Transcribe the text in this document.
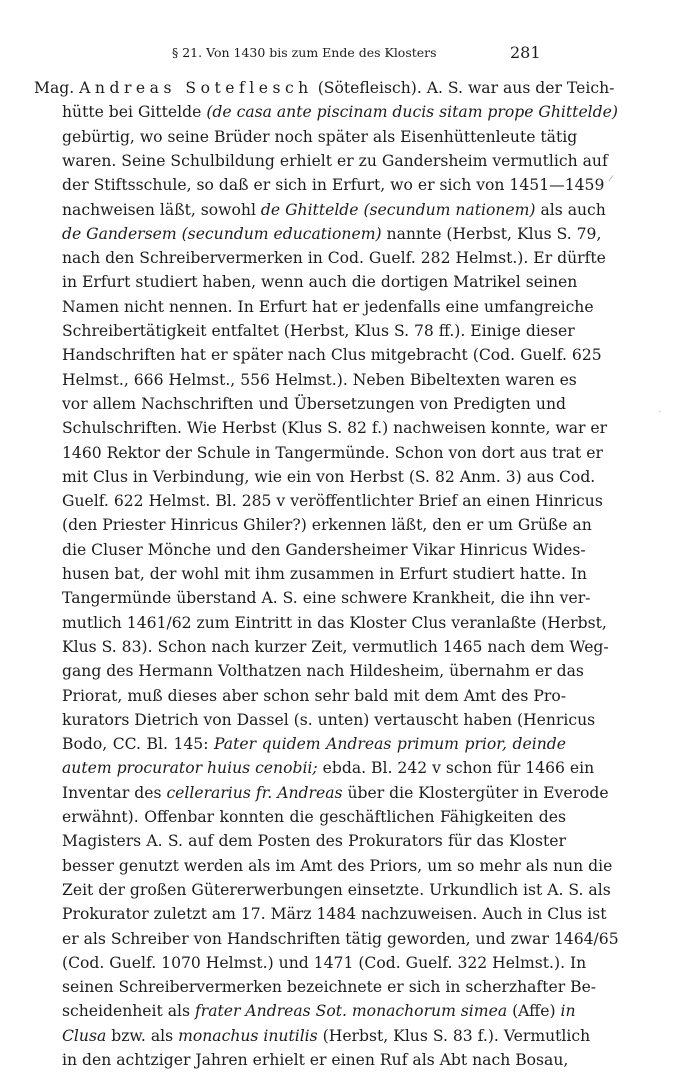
§ 21. Von 1430 bis zum Ende des Klosters	281
Mag. Andreas Soteflesch (Sötefleisch). A. S. war aus der Teich-
hütte bei Gittelde (de casa ante piscinam ducis sitam prope Ghittelde)
gebürtig, wo seine Brüder noch später als Eisenhüttenleute tätig
waren. Seine Schulbildung erhielt er zu Gandersheim vermutlich auf
der Stiftsschule, so daß er sich in Erfurt, wo er sich von 1451—1459
nachweisen läßt, sowohl de Ghittelde (secundum nationem) als auch
de Gandersem (secundum educationem) nannte (Herbst, Klus S. 79,
nach den Schreibervermerken in Cod. Guelf. 282 Helmst.). Er dürfte
in Erfurt studiert haben, wenn auch die dortigen Matrikel seinen
Namen nicht nennen. In Erfurt hat er jedenfalls eine umfangreiche
Schreibertätigkeit entfaltet (Herbst, Klus S. 78 ff.). Einige dieser
Handschriften hat er später nach Clus mitgebracht (Cod. Guelf. 625
Helmst., 666 Helmst., 556 Helmst.). Neben Bibeltexten waren es
vor allem Nachschriften und Übersetzungen von Predigten und
Schulschriften. Wie Herbst (Klus S. 82 f.) nachweisen konnte, war er
1460 Rektor der Schule in Tangermünde. Schon von dort aus trat er
mit Clus in Verbindung, wie ein von Herbst (S. 82 Anm. 3) aus Cod.
Guelf. 622 Helmst. Bl. 285 v veröffentlichter Brief an einen Hinricus
(den Priester Hinricus Ghiler?) erkennen läßt, den er um Grüße an
die Cluser Mönche und den Gandersheimer Vikar Hinricus Wides-
husen bat, der wohl mit ihm zusammen in Erfurt studiert hatte. In
Tangermünde überstand A. S. eine schwere Krankheit, die ihn ver-
mutlich 1461/62 zum Eintritt in das Kloster Clus veranlaßte (Herbst,
Klus S. 83). Schon nach kurzer Zeit, vermutlich 1465 nach dem Weg-
gang des Hermann Volthatzen nach Hildesheim, übernahm er das
Priorat, muß dieses aber schon sehr bald mit dem Amt des Pro-
kurators Dietrich von Dassel (s. unten) vertauscht haben (Henricus
Bodo, CC. Bl. 145: Pater quidem Andreas primum prior, deinde
autem procurator huius cenobii; ebda. Bl. 242 v schon für 1466 ein
Inventar des cellerarius fr. Andreas über die Klostergüter in Everode
erwähnt). Offenbar konnten die geschäftlichen Fähigkeiten des
Magisters A. S. auf dem Posten des Prokurators für das Kloster
besser genutzt werden als im Amt des Priors, um so mehr als nun die
Zeit der großen Gütererwerbungen einsetzte. Urkundlich ist A. S. als
Prokurator zuletzt am 17. März 1484 nachzuweisen. Auch in Clus ist
er als Schreiber von Handschriften tätig geworden, und zwar 1464/65
(Cod. Guelf. 1070 Helmst.) und 1471 (Cod. Guelf. 322 Helmst.). In
seinen Schreibervermerken bezeichnete er sich in scherzhafter Be-
scheidenheit als frater Andreas Sot. monachorum simea (Affe) in
Clusa bzw. als monachus inutilis (Herbst, Klus S. 83 f.). Vermutlich
in den achtziger Jahren erhielt er einen Ruf als Abt nach Bosau,
